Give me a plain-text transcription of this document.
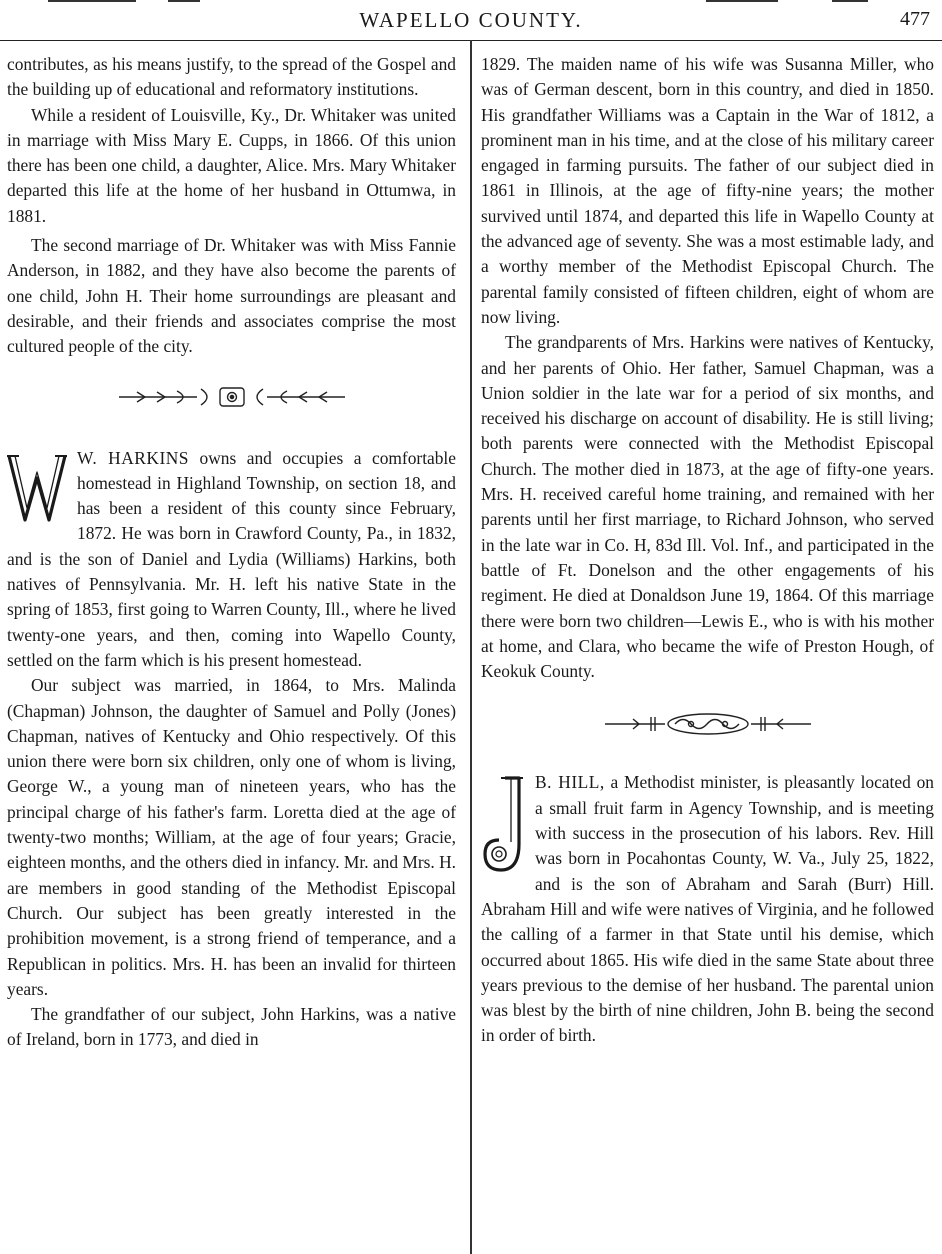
WAPELLO COUNTY.	477

contributes, as his means justify, to the spread of the Gospel and the building up of educational and reformatory institutions.

While a resident of Louisville, Ky., Dr. Whitaker was united in marriage with Miss Mary E. Cupps, in 1866. Of this union there has been one child, a daughter, Alice. Mrs. Mary Whitaker departed this life at the home of her husband in Ottumwa, in 1881.

The second marriage of Dr. Whitaker was with Miss Fannie Anderson, in 1882, and they have also become the parents of one child, John H. Their home surroundings are pleasant and desirable, and their friends and associates comprise the most cultured people of the city.

W
W. HARKINS owns and occupies a comfortable homestead in Highland Township, on section 18, and has been a resident of this county since February, 1872. He was born in Crawford County, Pa., in 1832, and is the son of Daniel and Lydia (Williams) Harkins, both natives of Pennsylvania. Mr. H. left his native State in the spring of 1853, first going to Warren County, Ill., where he lived twenty-one years, and then, coming into Wapello County, settled on the farm which is his present homestead.

Our subject was married, in 1864, to Mrs. Malinda (Chapman) Johnson, the daughter of Samuel and Polly (Jones) Chapman, natives of Kentucky and Ohio respectively. Of this union there were born six children, only one of whom is living, George W., a young man of nineteen years, who has the principal charge of his father's farm. Loretta died at the age of twenty-two months; William, at the age of four years; Gracie, eighteen months, and the others died in infancy. Mr. and Mrs. H. are members in good standing of the Methodist Episcopal Church. Our subject has been greatly interested in the prohibition movement, is a strong friend of temperance, and a Republican in politics. Mrs. H. has been an invalid for thirteen years.

The grandfather of our subject, John Harkins, was a native of Ireland, born in 1773, and died in

1829. The maiden name of his wife was Susanna Miller, who was of German descent, born in this country, and died in 1850. His grandfather Williams was a Captain in the War of 1812, a prominent man in his time, and at the close of his military career engaged in farming pursuits. The father of our subject died in 1861 in Illinois, at the age of fifty-nine years; the mother survived until 1874, and departed this life in Wapello County at the advanced age of seventy. She was a most estimable lady, and a worthy member of the Methodist Episcopal Church. The parental family consisted of fifteen children, eight of whom are now living.

The grandparents of Mrs. Harkins were natives of Kentucky, and her parents of Ohio. Her father, Samuel Chapman, was a Union soldier in the late war for a period of six months, and received his discharge on account of disability. He is still living; both parents were connected with the Methodist Episcopal Church. The mother died in 1873, at the age of fifty-one years. Mrs. H. received careful home training, and remained with her parents until her first marriage, to Richard Johnson, who served in the late war in Co. H, 83d Ill. Vol. Inf., and participated in the battle of Ft. Donelson and the other engagements of his regiment. He died at Donaldson June 19, 1864. Of this marriage there were born two children—Lewis E., who is with his mother at home, and Clara, who became the wife of Preston Hough, of Keokuk County.

J
B. HILL, a Methodist minister, is pleasantly located on a small fruit farm in Agency Township, and is meeting with success in the prosecution of his labors. Rev. Hill was born in Pocahontas County, W. Va., July 25, 1822, and is the son of Abraham and Sarah (Burr) Hill. Abraham Hill and wife were natives of Virginia, and he followed the calling of a farmer in that State until his demise, which occurred about 1865. His wife died in the same State about three years previous to the demise of her husband. The parental union was blest by the birth of nine children, John B. being the second in order of birth.
